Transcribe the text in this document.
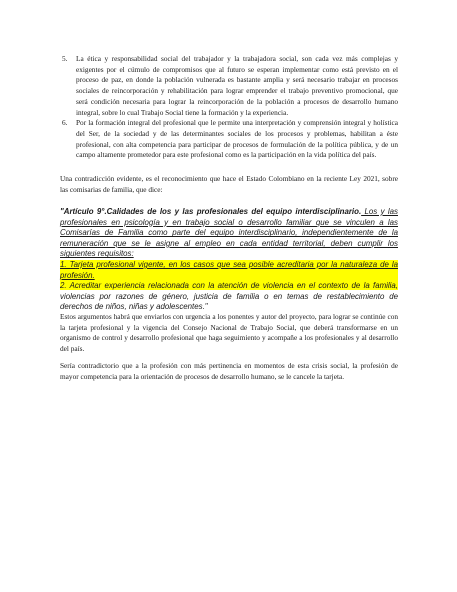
5. La ética y responsabilidad social del trabajador y la trabajadora social, son cada vez más complejas y exigentes por el cúmulo de compromisos que al futuro se esperan implementar como está previsto en el proceso de paz, en donde la población vulnerada es bastante amplia y será necesario trabajar en procesos sociales de reincorporación y rehabilitación para lograr emprender el trabajo preventivo promocional, que será condición necesaria para lograr la reincorporación de la población a procesos de desarrollo humano integral, sobre lo cual Trabajo Social tiene la formación y la experiencia.
6. Por la formación integral del profesional que le permite una interpretación y comprensión integral y holística del Ser, de la sociedad y de las determinantes sociales de los procesos y problemas, habilitan a éste profesional, con alta competencia para participar de procesos de formulación de la política pública, y de un campo altamente prometedor para este profesional como es la participación en la vida política del país.

Una contradicción evidente, es el reconocimiento que hace el Estado Colombiano en la reciente Ley 2021, sobre las comisarias de familia, que dice:

"Artículo 9°.Calidades de los y las profesionales del equipo interdisciplinario. Los y las profesionales en psicología y en trabajo social o desarrollo familiar que se vinculen a las Comisarías de Familia como parte del equipo interdisciplinario, independientemente de la remuneración que se le asigne al empleo en cada entidad territorial, deben cumplir los siguientes requisitos:
1. Tarjeta profesional vigente, en los casos que sea posible acreditaria por la naturaleza de la profesión.
2. Acreditar experiencia relacionada con la atención de violencia en el contexto de la familia, violencias por razones de género, justicia de familia o en temas de restablecimiento de derechos de niños, niñas y adolescentes."

Estos argumentos habrá que enviarlos con urgencia a los ponentes y autor del proyecto, para lograr se continúe con la tarjeta profesional y la vigencia del Consejo Nacional de Trabajo Social, que deberá transformarse en un organismo de control y desarrollo profesional que haga seguimiento y acompañe a los profesionales y al desarrollo del país.

Sería contradictorio que a la profesión con más pertinencia en momentos de esta crisis social, la profesión de mayor competencia para la orientación de procesos de desarrollo humano, se le cancele la tarjeta.
